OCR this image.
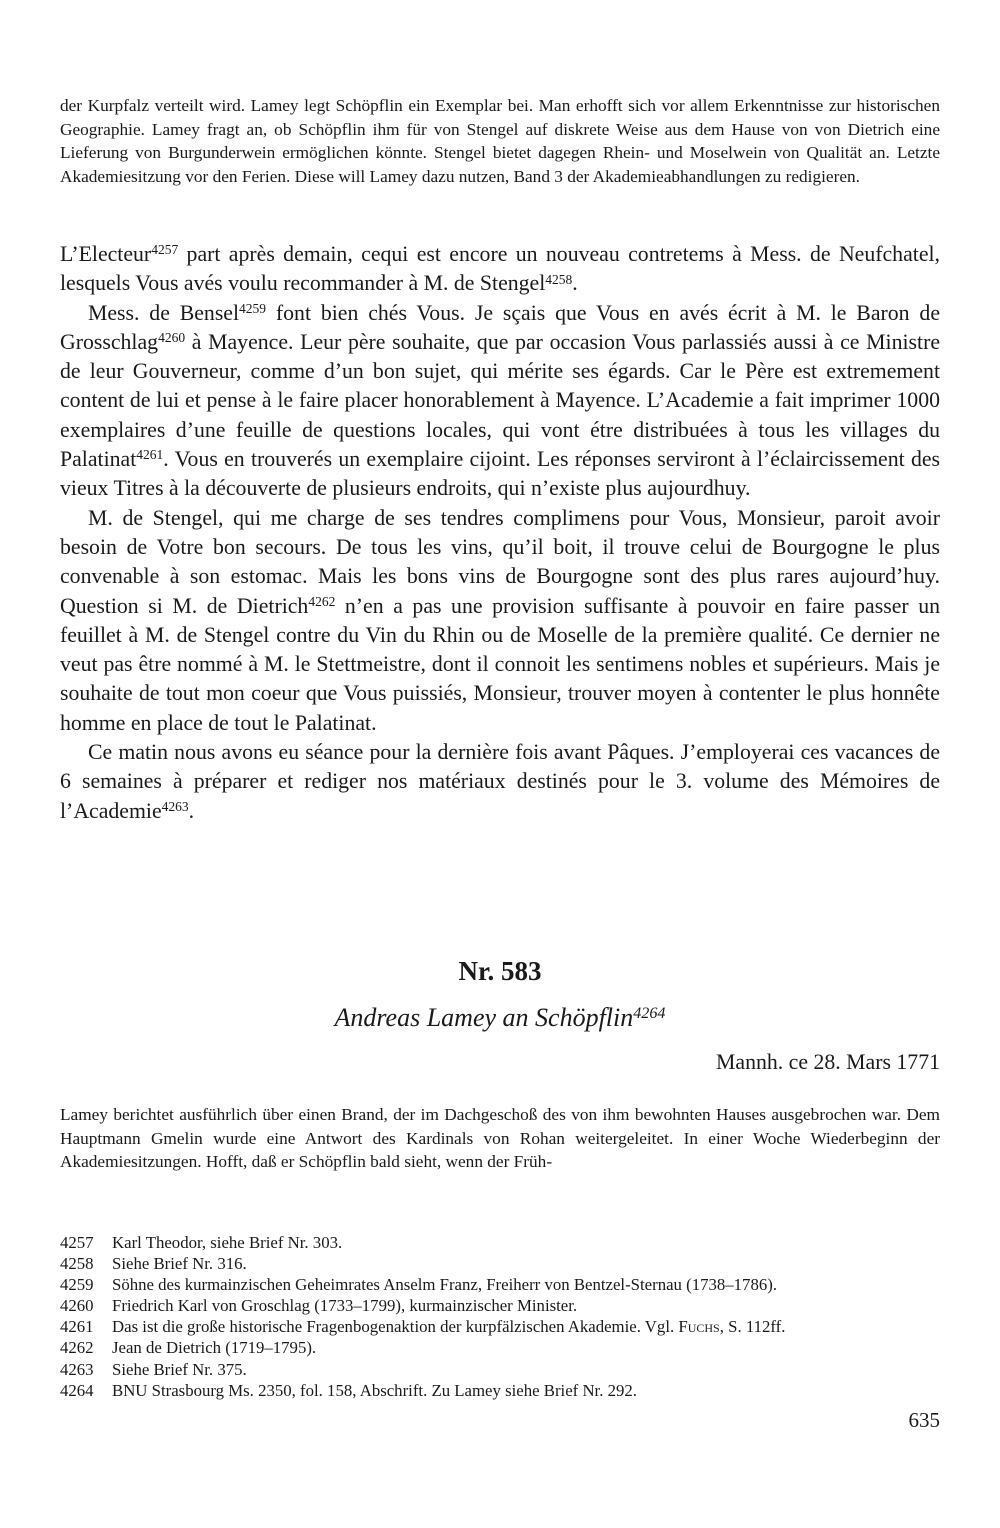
der Kurpfalz verteilt wird. Lamey legt Schöpflin ein Exemplar bei. Man erhofft sich vor allem Erkenntnisse zur historischen Geographie. Lamey fragt an, ob Schöpflin ihm für von Stengel auf diskrete Weise aus dem Hause von von Dietrich eine Lieferung von Burgunderwein ermöglichen könnte. Stengel bietet dagegen Rhein- und Moselwein von Qualität an. Letzte Akademiesitzung vor den Ferien. Diese will Lamey dazu nutzen, Band 3 der Akademieabhandlungen zu redigieren.

L’Electeur$^{4257}$ part après demain, cequi est encore un nouveau contretems à Mess. de Neufchatel, lesquels Vous avés voulu recommander à M. de Stengel$^{4258}$.

Mess. de Bensel$^{4259}$ font bien chés Vous. Je sçais que Vous en avés écrit à M. le Baron de Grosschlag$^{4260}$ à Mayence. Leur père souhaite, que par occasion Vous parlassiés aussi à ce Ministre de leur Gouverneur, comme d’un bon sujet, qui mérite ses égards. Car le Père est extremement content de lui et pense à le faire placer honorablement à Mayence. L’Academie a fait imprimer 1000 exemplaires d’une feuille de questions locales, qui vont étre distribuées à tous les villages du Palatinat$^{4261}$. Vous en trouverés un exemplaire cijoint. Les réponses serviront à l’éclaircissement des vieux Titres à la découverte de plusieurs endroits, qui n’existe plus aujourdhuy.

M. de Stengel, qui me charge de ses tendres complimens pour Vous, Monsieur, paroit avoir besoin de Votre bon secours. De tous les vins, qu’il boit, il trouve celui de Bourgogne le plus convenable à son estomac. Mais les bons vins de Bourgogne sont des plus rares aujourd’huy. Question si M. de Dietrich$^{4262}$ n’en a pas une provision suffisante à pouvoir en faire passer un feuillet à M. de Stengel contre du Vin du Rhin ou de Moselle de la première qualité. Ce dernier ne veut pas être nommé à M. le Stettmeistre, dont il connoit les sentimens nobles et supérieurs. Mais je souhaite de tout mon coeur que Vous puissiés, Monsieur, trouver moyen à contenter le plus honnête homme en place de tout le Palatinat.

Ce matin nous avons eu séance pour la dernière fois avant Pâques. J’employerai ces vacances de 6 semaines à préparer et rediger nos matériaux destinés pour le 3. volume des Mémoires de l’Academie$^{4263}$.

Nr. 583
Andreas Lamey an Schöpflin$^{4264}$
Mannh. ce 28. Mars 1771

Lamey berichtet ausführlich über einen Brand, der im Dachgeschoß des von ihm bewohnten Hauses ausgebrochen war. Dem Hauptmann Gmelin wurde eine Antwort des Kardinals von Rohan weitergeleitet. In einer Woche Wiederbeginn der Akademiesitzungen. Hofft, daß er Schöpflin bald sieht, wenn der Früh-

4257	Karl Theodor, siehe Brief Nr. 303.
4258	Siehe Brief Nr. 316.
4259	Söhne des kurmainzischen Geheimrates Anselm Franz, Freiherr von Bentzel-Sternau (1738–1786).
4260	Friedrich Karl von Groschlag (1733–1799), kurmainzischer Minister.
4261	Das ist die große historische Fragenbogenaktion der kurpfälzischen Akademie. Vgl. Fuchs, S. 112ff.
4262	Jean de Dietrich (1719–1795).
4263	Siehe Brief Nr. 375.
4264	BNU Strasbourg Ms. 2350, fol. 158, Abschrift. Zu Lamey siehe Brief Nr. 292.
635
